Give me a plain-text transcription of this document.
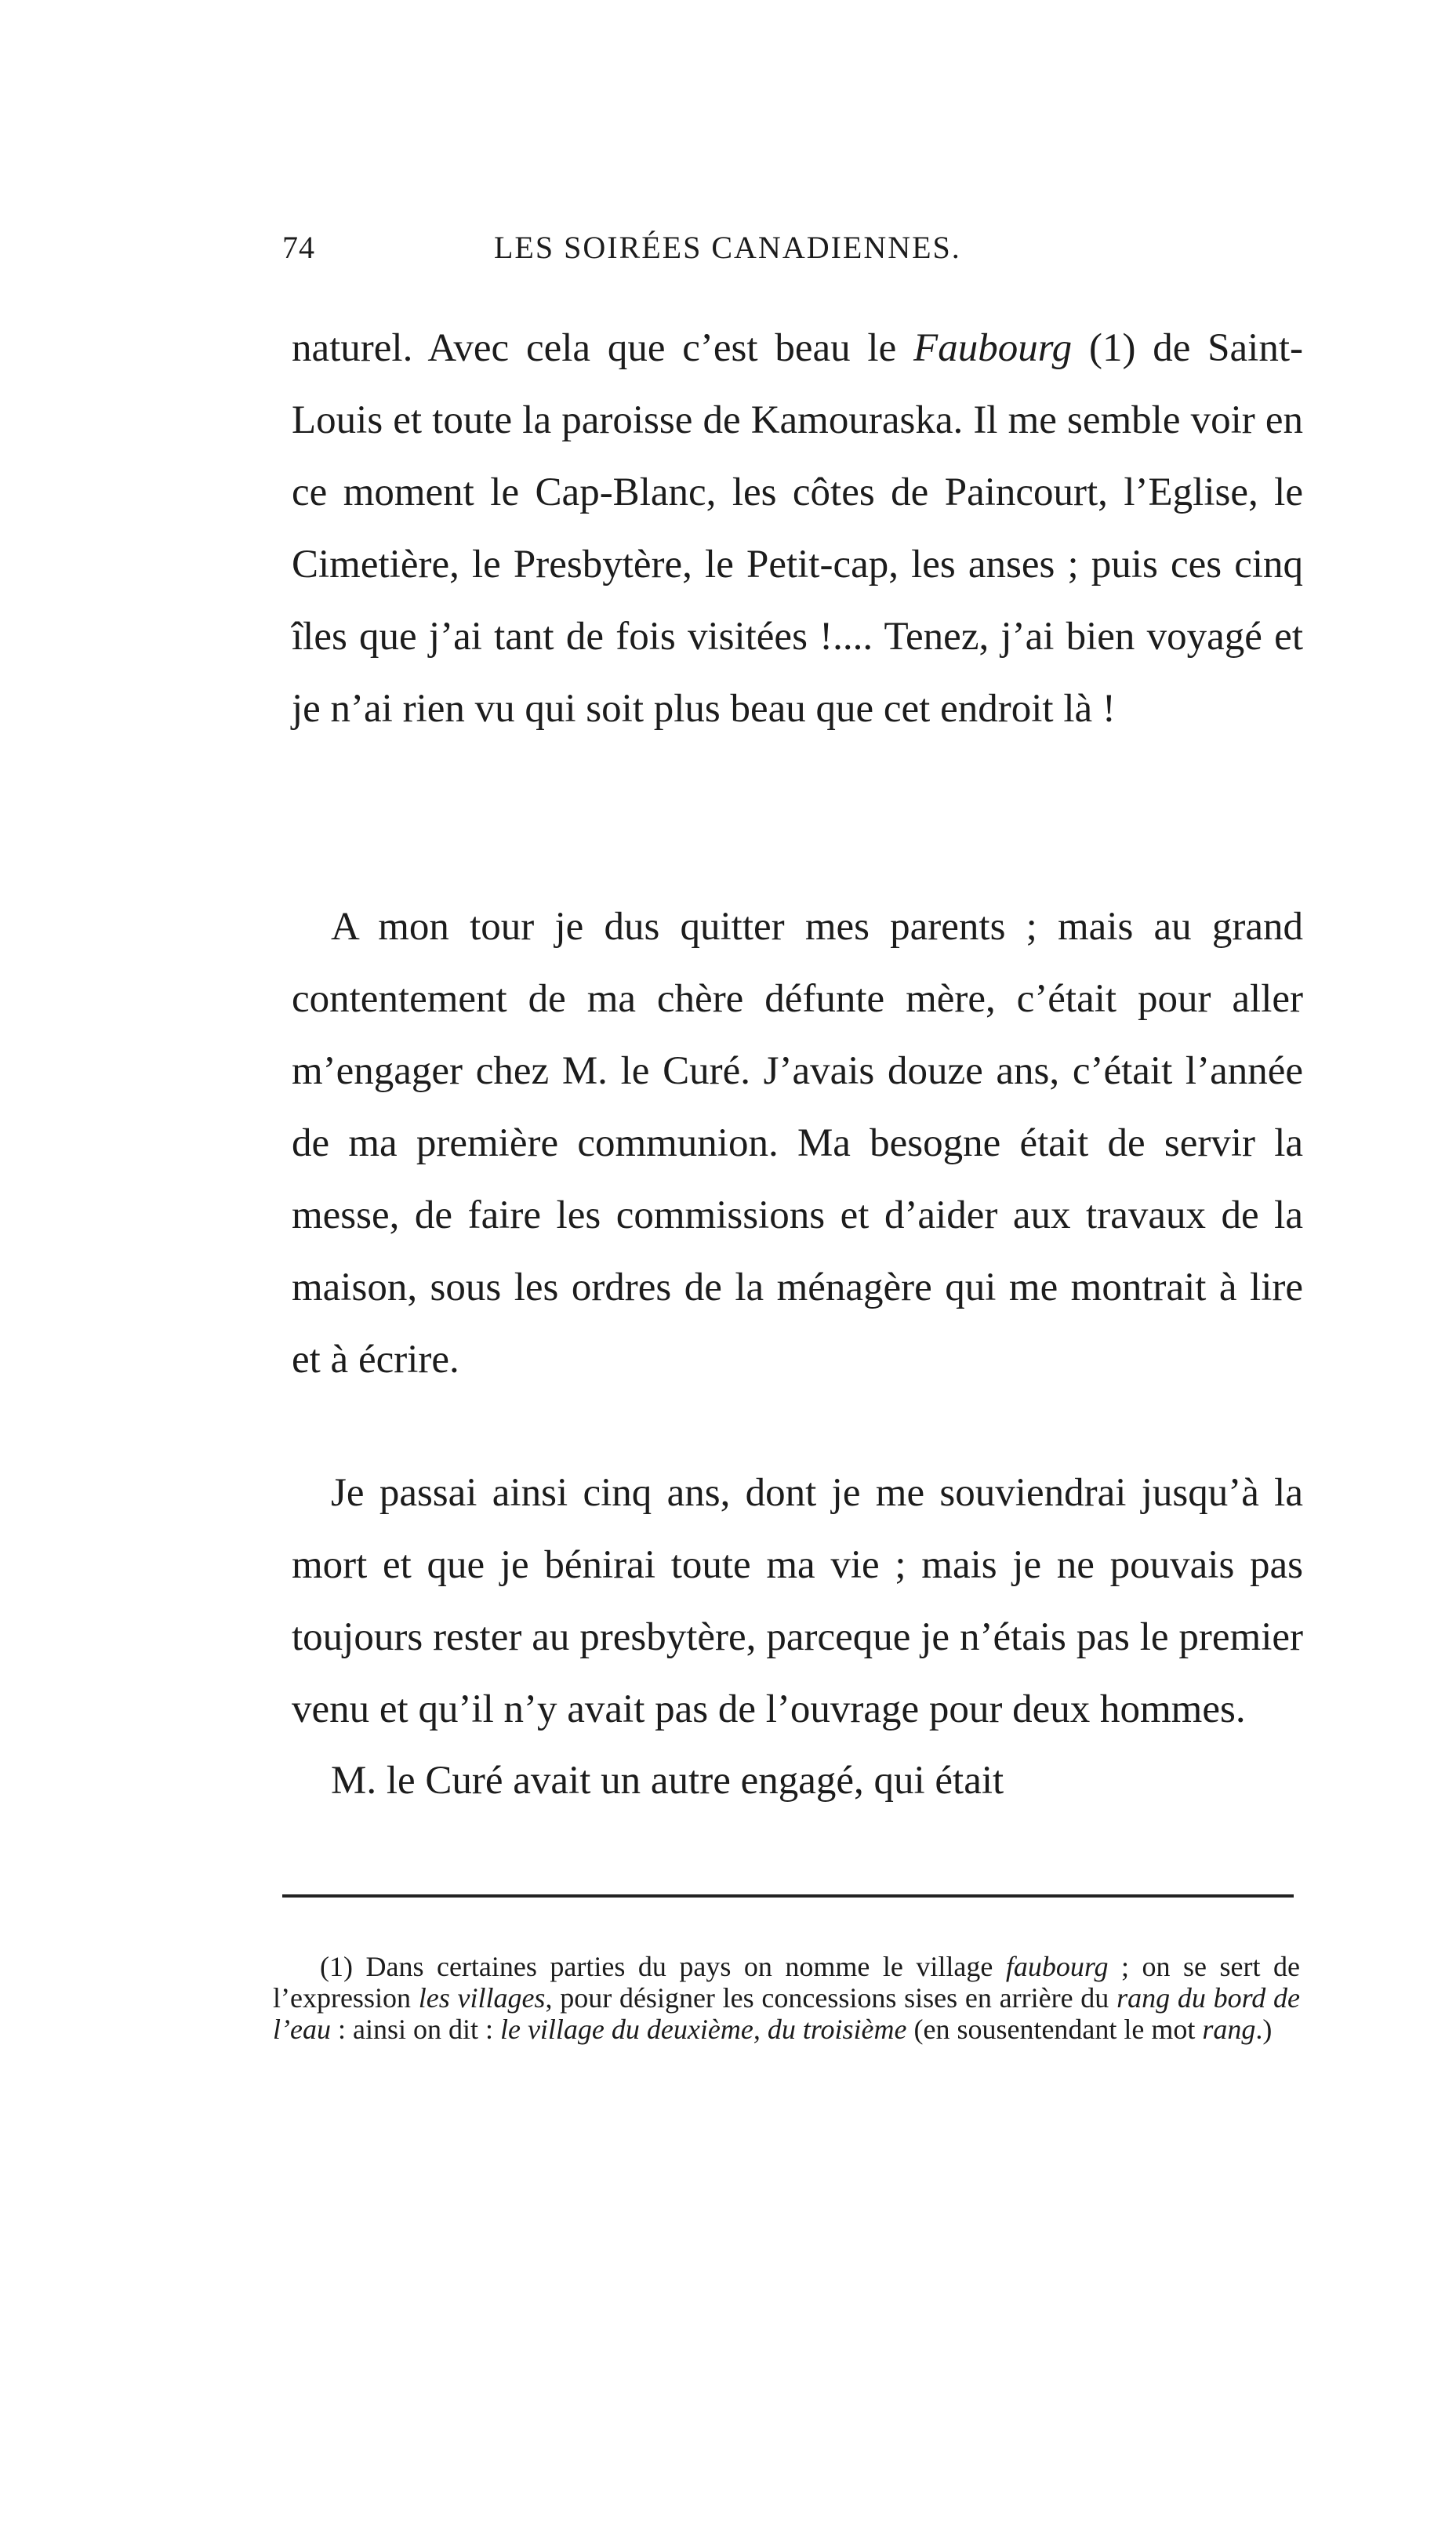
74	LES SOIRÉES CANADIENNES.

naturel. Avec cela que c’est beau le Faubourg (1) de Saint-Louis et toute la paroisse de Kamouraska. Il me semble voir en ce moment le Cap-Blanc, les côtes de Paincourt, l’Eglise, le Cimetière, le Presbytère, le Petit-cap, les anses ; puis ces cinq îles que j’ai tant de fois visitées !.... Tenez, j’ai bien voyagé et je n’ai rien vu qui soit plus beau que cet endroit là !

A mon tour je dus quitter mes parents ; mais au grand contentement de ma chère défunte mère, c’était pour aller m’engager chez M. le Curé. J’avais douze ans, c’était l’année de ma première communion. Ma besogne était de servir la messe, de faire les commissions et d’aider aux travaux de la maison, sous les ordres de la ménagère qui me montrait à lire et à écrire.

Je passai ainsi cinq ans, dont je me souviendrai jusqu’à la mort et que je bénirai toute ma vie ; mais je ne pouvais pas toujours rester au presbytère, parceque je n’étais pas le premier venu et qu’il n’y avait pas de l’ouvrage pour deux hommes.

M. le Curé avait un autre engagé, qui était

(1) Dans certaines parties du pays on nomme le village faubourg ; on se sert de l’expression les villages, pour désigner les concessions sises en arrière du rang du bord de l’eau : ainsi on dit : le village du deuxième, du troisième (en sousentendant le mot rang.)
